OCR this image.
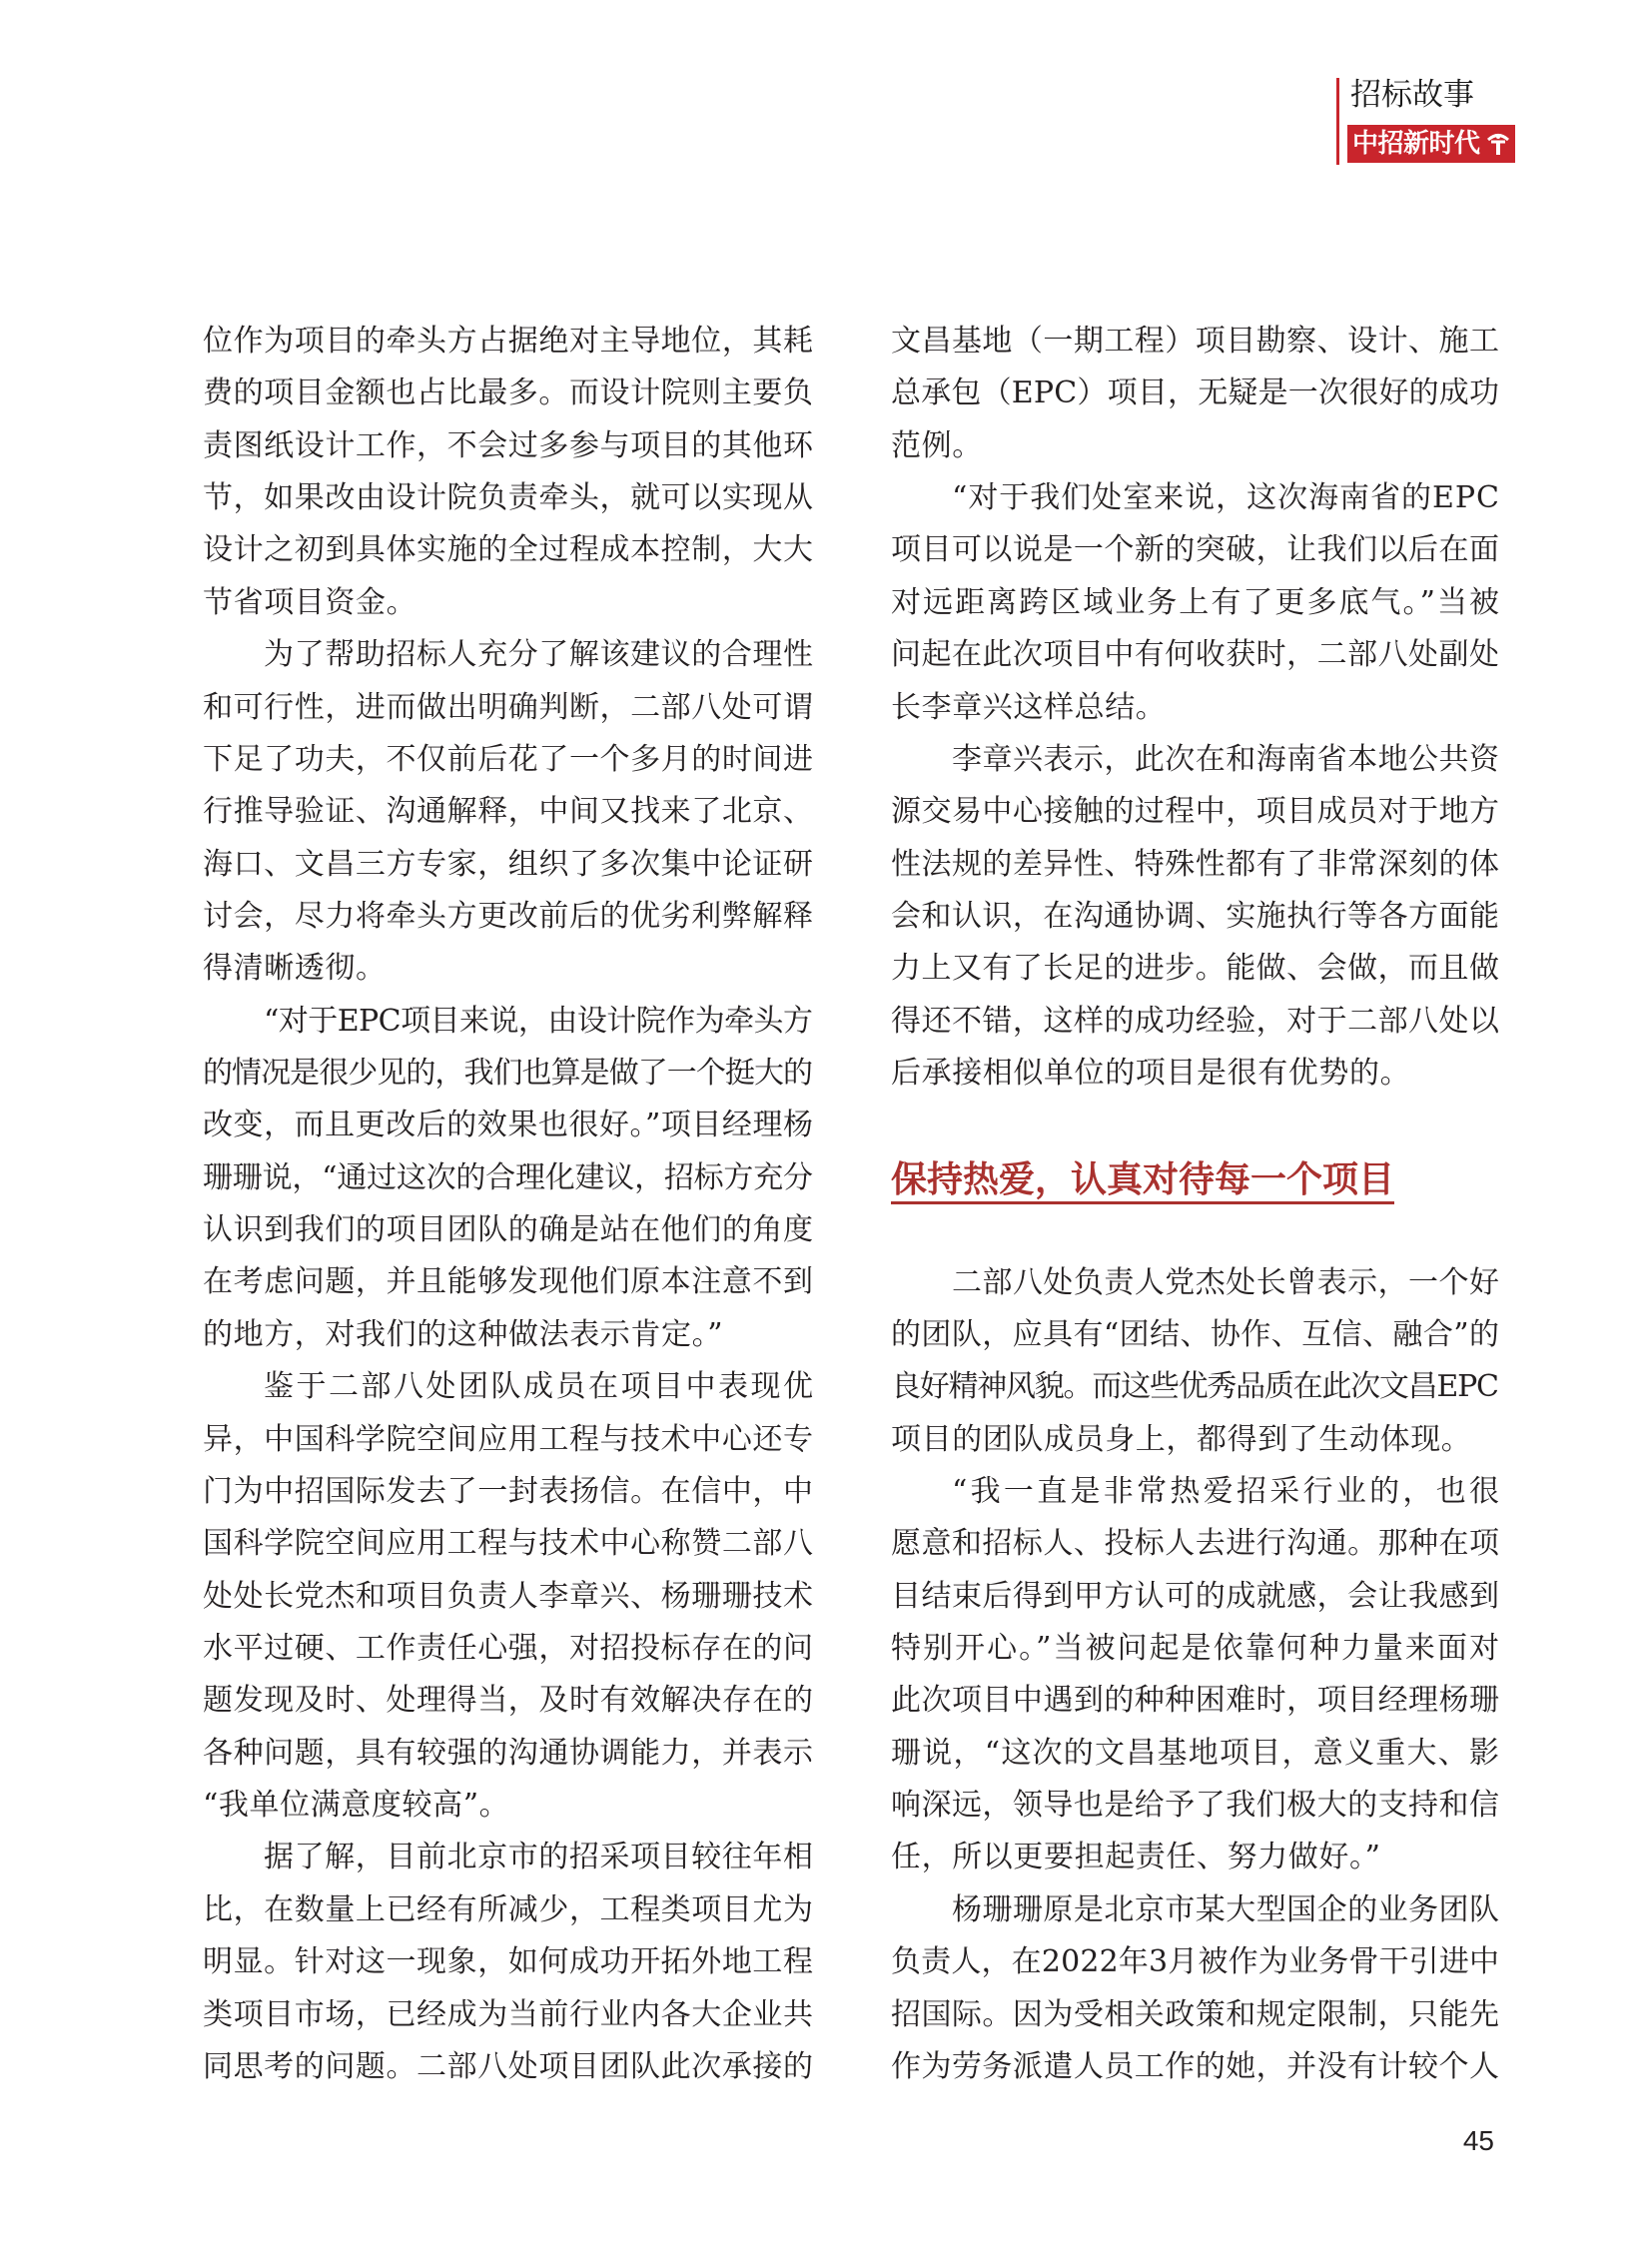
招标故事
中招新时代
位作为项目的牵头方占据绝对主导地位，其耗
费的项目金额也占比最多。而设计院则主要负
责图纸设计工作，不会过多参与项目的其他环
节，如果改由设计院负责牵头，就可以实现从
设计之初到具体实施的全过程成本控制，大大
节省项目资金。
为了帮助招标人充分了解该建议的合理性
和可行性，进而做出明确判断，二部八处可谓
下足了功夫，不仅前后花了一个多月的时间进
行推导验证、沟通解释，中间又找来了北京、
海口、文昌三方专家，组织了多次集中论证研
讨会，尽力将牵头方更改前后的优劣利弊解释
得清晰透彻。
“对于EPC项目来说，由设计院作为牵头方
的情况是很少见的，我们也算是做了一个挺大的
改变，而且更改后的效果也很好。”项目经理杨
珊珊说，“通过这次的合理化建议，招标方充分
认识到我们的项目团队的确是站在他们的角度
在考虑问题，并且能够发现他们原本注意不到
的地方，对我们的这种做法表示肯定。”
鉴于二部八处团队成员在项目中表现优
异，中国科学院空间应用工程与技术中心还专
门为中招国际发去了一封表扬信。在信中，中
国科学院空间应用工程与技术中心称赞二部八
处处长党杰和项目负责人李章兴、杨珊珊技术
水平过硬、工作责任心强，对招投标存在的问
题发现及时、处理得当，及时有效解决存在的
各种问题，具有较强的沟通协调能力，并表示
“我单位满意度较高”。
据了解，目前北京市的招采项目较往年相
比，在数量上已经有所减少，工程类项目尤为
明显。针对这一现象，如何成功开拓外地工程
类项目市场，已经成为当前行业内各大企业共
同思考的问题。二部八处项目团队此次承接的
文昌基地（一期工程）项目勘察、设计、施工
总承包（EPC）项目，无疑是一次很好的成功
范例。
“对于我们处室来说，这次海南省的EPC
项目可以说是一个新的突破，让我们以后在面
对远距离跨区域业务上有了更多底气。”当被
问起在此次项目中有何收获时，二部八处副处
长李章兴这样总结。
李章兴表示，此次在和海南省本地公共资
源交易中心接触的过程中，项目成员对于地方
性法规的差异性、特殊性都有了非常深刻的体
会和认识，在沟通协调、实施执行等各方面能
力上又有了长足的进步。能做、会做，而且做
得还不错，这样的成功经验，对于二部八处以
后承接相似单位的项目是很有优势的。
保持热爱，认真对待每一个项目
二部八处负责人党杰处长曾表示，一个好
的团队，应具有“团结、协作、互信、融合”的
良好精神风貌。而这些优秀品质在此次文昌EPC
项目的团队成员身上，都得到了生动体现。
“我一直是非常热爱招采行业的，也很
愿意和招标人、投标人去进行沟通。那种在项
目结束后得到甲方认可的成就感，会让我感到
特别开心。”当被问起是依靠何种力量来面对
此次项目中遇到的种种困难时，项目经理杨珊
珊说，“这次的文昌基地项目，意义重大、影
响深远，领导也是给予了我们极大的支持和信
任，所以更要担起责任、努力做好。”
杨珊珊原是北京市某大型国企的业务团队
负责人，在2022年3月被作为业务骨干引进中
招国际。因为受相关政策和规定限制，只能先
作为劳务派遣人员工作的她，并没有计较个人
45
